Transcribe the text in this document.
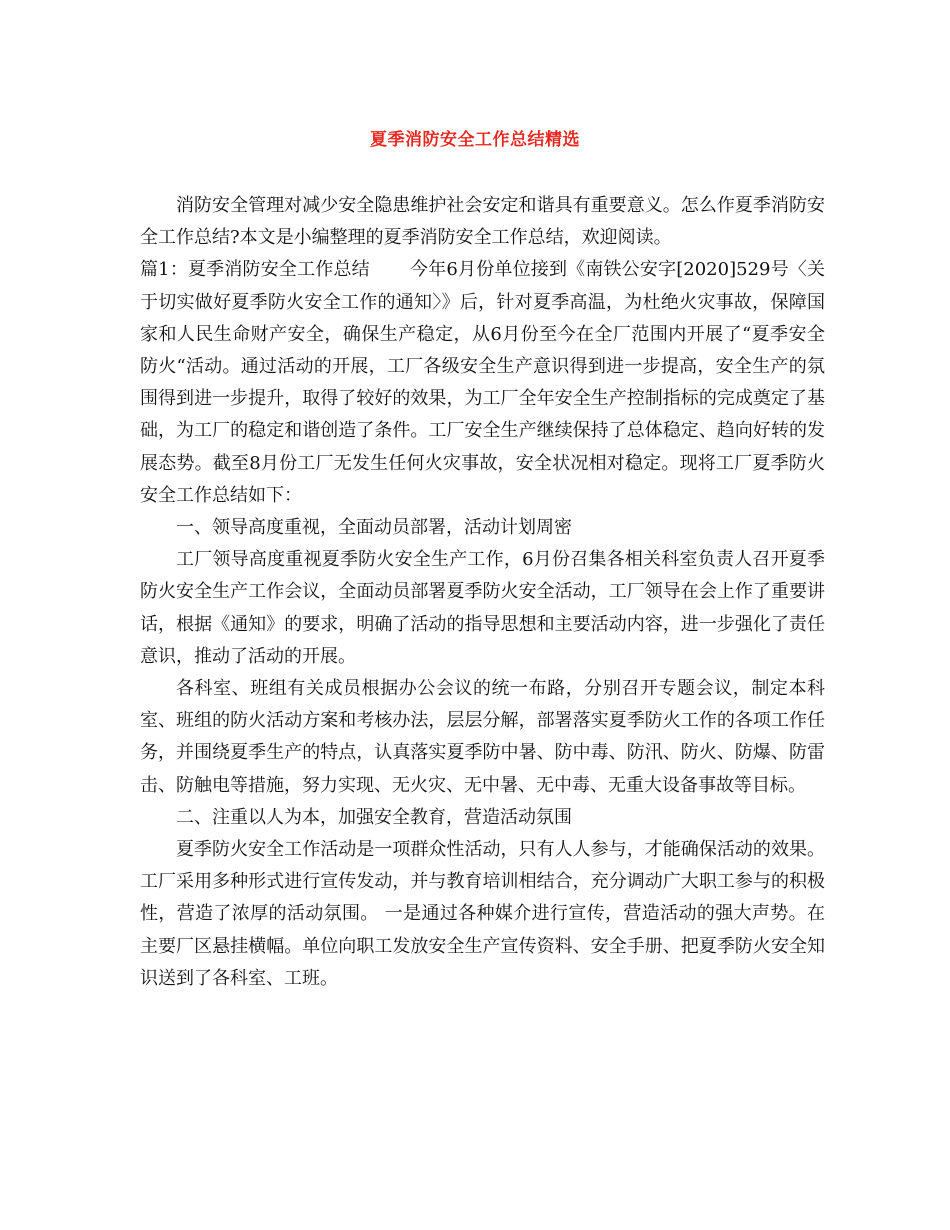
夏季消防安全工作总结精选

消防安全管理对减少安全隐患维护社会安定和谐具有重要意义。怎么作夏季消防安全工作总结?本文是小编整理的夏季消防安全工作总结，欢迎阅读。

篇1：夏季消防安全工作总结 今年6月份单位接到《南铁公安字[2020]529号〈关于切实做好夏季防火安全工作的通知〉》后，针对夏季高温，为杜绝火灾事故，保障国家和人民生命财产安全，确保生产稳定，从6月份至今在全厂范围内开展了“夏季安全防火“活动。通过活动的开展，工厂各级安全生产意识得到进一步提高，安全生产的氛围得到进一步提升，取得了较好的效果，为工厂全年安全生产控制指标的完成奠定了基础，为工厂的稳定和谐创造了条件。工厂安全生产继续保持了总体稳定、趋向好转的发展态势。截至8月份工厂无发生任何火灾事故，安全状况相对稳定。现将工厂夏季防火安全工作总结如下：

一、领导高度重视，全面动员部署，活动计划周密

工厂领导高度重视夏季防火安全生产工作，6月份召集各相关科室负责人召开夏季防火安全生产工作会议，全面动员部署夏季防火安全活动，工厂领导在会上作了重要讲话，根据《通知》的要求，明确了活动的指导思想和主要活动内容，进一步强化了责任意识，推动了活动的开展。

各科室、班组有关成员根据办公会议的统一布路，分别召开专题会议，制定本科室、班组的防火活动方案和考核办法，层层分解，部署落实夏季防火工作的各项工作任务，并围绕夏季生产的特点，认真落实夏季防中暑、防中毒、防汛、防火、防爆、防雷击、防触电等措施，努力实现、无火灾、无中暑、无中毒、无重大设备事故等目标。

二、注重以人为本，加强安全教育，营造活动氛围

夏季防火安全工作活动是一项群众性活动，只有人人参与，才能确保活动的效果。工厂采用多种形式进行宣传发动，并与教育培训相结合，充分调动广大职工参与的积极性，营造了浓厚的活动氛围。 一是通过各种媒介进行宣传，营造活动的强大声势。在主要厂区悬挂横幅。单位向职工发放安全生产宣传资料、安全手册、把夏季防火安全知识送到了各科室、工班。
